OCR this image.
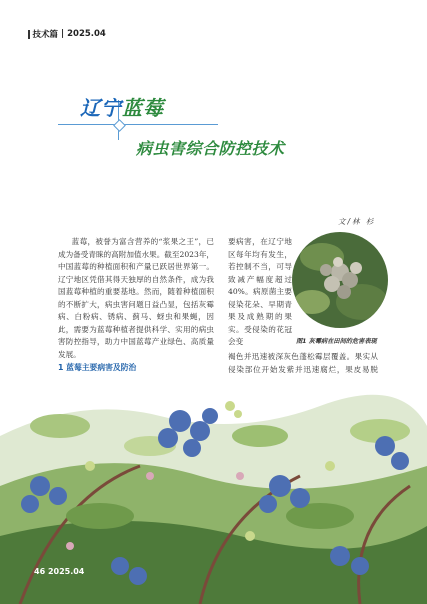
技术篇 | 2025.04
辽宁蓝莓
病虫害综合防控技术
文/林 杉

蓝莓，被誉为富含营养的“浆果之王”，已成为备受青睐的高附加值水果。截至2023年，中国蓝莓的种植面积和产量已跃居世界第一。辽宁地区凭借其得天独厚的自然条件，成为我国蓝莓种植的重要基地。然而，随着种植面积的不断扩大，病虫害问题日益凸显，包括灰霉病、白粉病、锈病、蓟马、蚜虫和果蝇，因此，需要为蓝莓种植者提供科学、实用的病虫害防控指导，助力中国蓝莓产业绿色、高质量发展。

1 蓝莓主要病害及防治

要病害，在辽宁地区每年均有发生，若控制不当，可导致减产幅度超过40%。病原菌主要侵染花朵、早期青果及成熟期的果实。受侵染的花冠会变	图1 灰霉病在田间的危害表现
褐色并迅速被深灰色蓬松霉层覆盖。果实从侵染部位开始发紫并迅速腐烂，果皮易脱
46 2025.04
